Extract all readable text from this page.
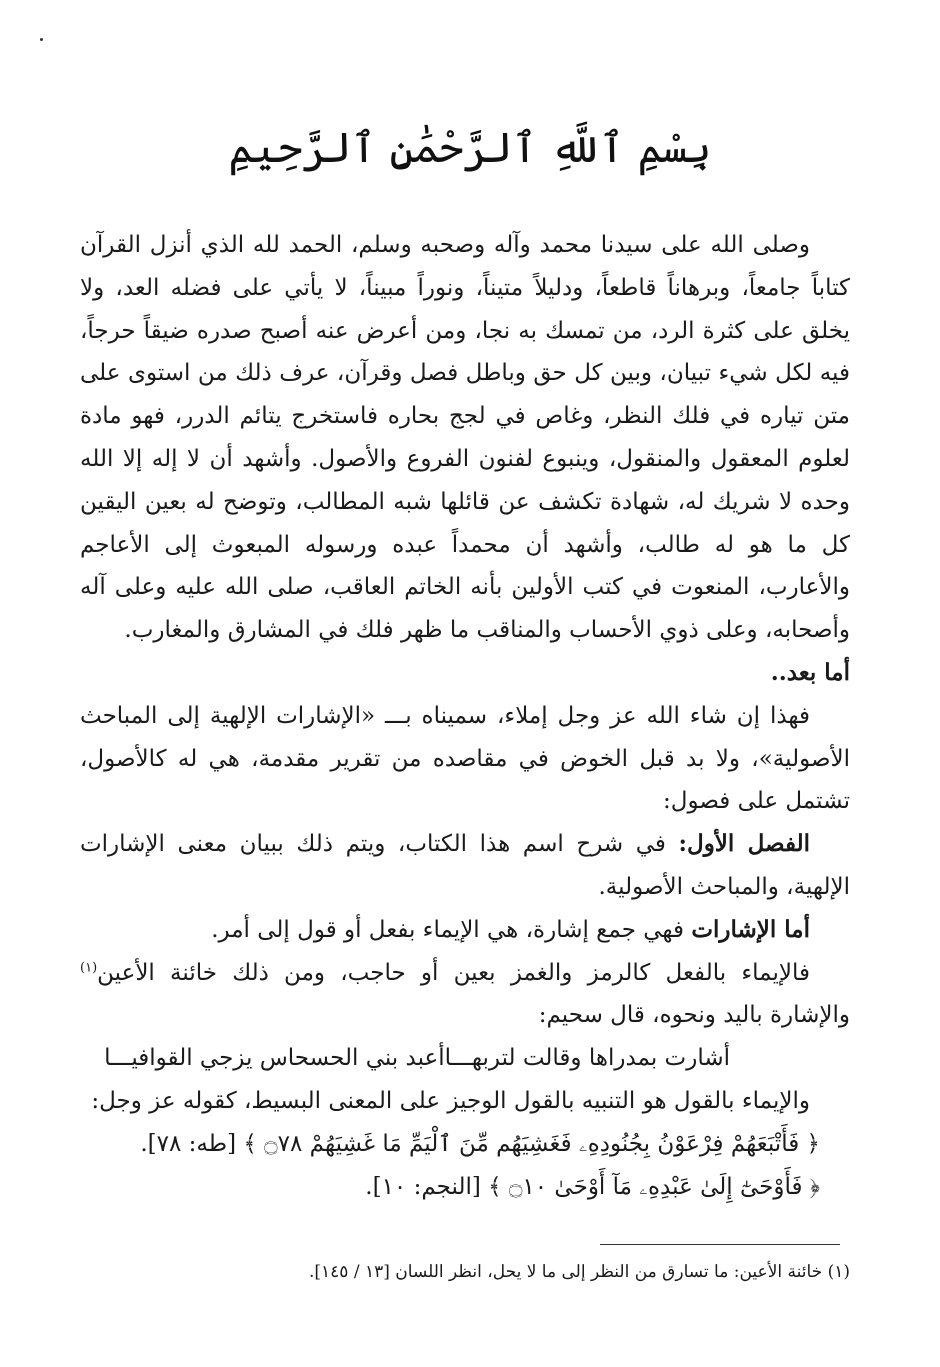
بِسْمِ ٱللَّهِ ٱلرَّحْمَٰنِ ٱلرَّحِيمِ

وصلى الله على سيدنا محمد وآله وصحبه وسلم، الحمد لله الذي أنزل القرآن كتاباً جامعاً، وبرهاناً قاطعاً، ودليلاً متيناً، ونوراً مبيناً، لا يأتي على فضله العد، ولا يخلق على كثرة الرد، من تمسك به نجا، ومن أعرض عنه أصبح صدره ضيقاً حرجاً، فيه لكل شيء تبيان، وبين كل حق وباطل فصل وقرآن، عرف ذلك من استوى على متن تياره في فلك النظر، وغاص في لجج بحاره فاستخرج يتائم الدرر، فهو مادة لعلوم المعقول والمنقول، وينبوع لفنون الفروع والأصول. وأشهد أن لا إله إلا الله وحده لا شريك له، شهادة تكشف عن قائلها شبه المطالب، وتوضح له بعين اليقين كل ما هو له طالب، وأشهد أن محمداً عبده ورسوله المبعوث إلى الأعاجم والأعارب، المنعوت في كتب الأولين بأنه الخاتم العاقب، صلى الله عليه وعلى آله وأصحابه، وعلى ذوي الأحساب والمناقب ما ظهر فلك في المشارق والمغارب.

أما بعد..

فهذا إن شاء الله عز وجل إملاء، سميناه بـــ «الإشارات الإلهية إلى المباحث الأصولية»، ولا بد قبل الخوض في مقاصده من تقرير مقدمة، هي له كالأصول، تشتمل على فصول:

الفصل الأول: في شرح اسم هذا الكتاب، ويتم ذلك ببيان معنى الإشارات الإلهية، والمباحث الأصولية.

أما الإشارات فهي جمع إشارة، هي الإيماء بفعل أو قول إلى أمر.

فالإيماء بالفعل كالرمز والغمز بعين أو حاجب، ومن ذلك خائنة الأعين$^{(١)}$ والإشارة باليد ونحوه، قال سحيم:

أشارت بمدراها وقالت لتربهـــا
أعبد بني الحسحاس يزجي القوافيـــا

والإيماء بالقول هو التنبيه بالقول الوجيز على المعنى البسيط، كقوله عز وجل:

﴿ فَأَتْبَعَهُمْ فِرْعَوْنُ بِجُنُودِهِۦ فَغَشِيَهُم مِّنَ ٱلْيَمِّ مَا غَشِيَهُمْ ۝٧٨ ﴾ [طه: ٧٨].

﴿ فَأَوْحَىٰٓ إِلَىٰ عَبْدِهِۦ مَآ أَوْحَىٰ ۝١٠ ﴾ [النجم: ١٠].

(١) خائنة الأعين: ما تسارق من النظر إلى ما لا يحل، انظر اللسان [١٣ / ١٤٥].
